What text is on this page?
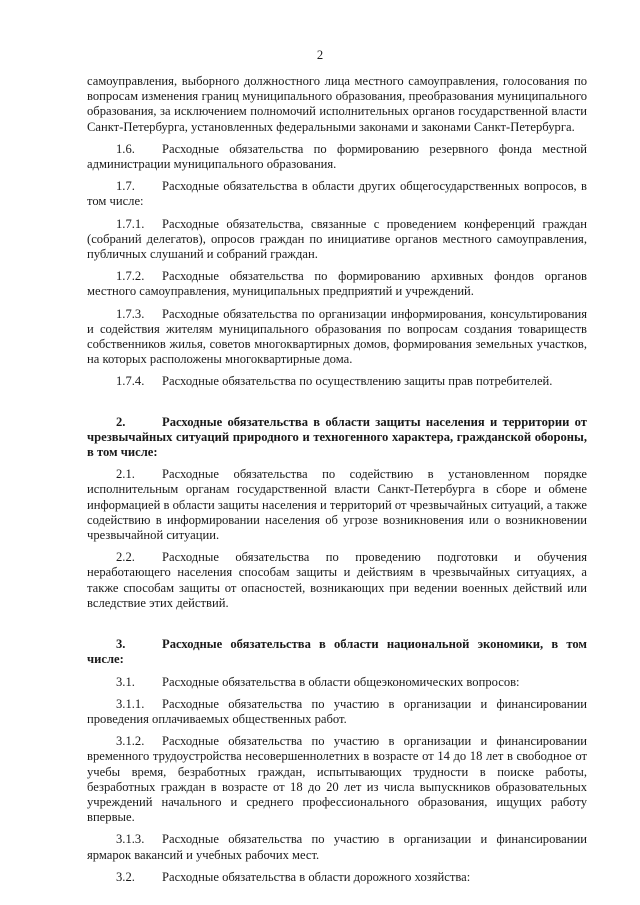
2

самоуправления, выборного должностного лица местного самоуправления, голосования по вопросам изменения границ муниципального образования, преобразования муниципального образования, за исключением полномочий исполнительных органов государственной власти Санкт-Петербурга, установленных федеральными законами и законами Санкт-Петербурга.

1.6. Расходные обязательства по формированию резервного фонда местной администрации муниципального образования.

1.7. Расходные обязательства в области других общегосударственных вопросов, в том числе:

1.7.1. Расходные обязательства, связанные с проведением конференций граждан (собраний делегатов), опросов граждан по инициативе органов местного самоуправления, публичных слушаний и собраний граждан.

1.7.2. Расходные обязательства по формированию архивных фондов органов местного самоуправления, муниципальных предприятий и учреждений.

1.7.3. Расходные обязательства по организации информирования, консультирования и содействия жителям муниципального образования по вопросам создания товариществ собственников жилья, советов многоквартирных домов, формирования земельных участков, на которых расположены многоквартирные дома.

1.7.4. Расходные обязательства по осуществлению защиты прав потребителей.

2.	Расходные обязательства в области защиты населения и территории от чрезвычайных ситуаций природного и техногенного характера, гражданской обороны, в том числе:

2.1. Расходные обязательства по содействию в установленном порядке исполнительным органам государственной власти Санкт-Петербурга в сборе и обмене информацией в области защиты населения и территорий от чрезвычайных ситуаций, а также содействию в информировании населения об угрозе возникновения или о возникновении чрезвычайной ситуации.

2.2. Расходные обязательства по проведению подготовки и обучения неработающего населения способам защиты и действиям в чрезвычайных ситуациях, а также способам защиты от опасностей, возникающих при ведении военных действий или вследствие этих действий.

3.	Расходные обязательства в области национальной экономики, в том числе:

3.1. Расходные обязательства в области общеэкономических вопросов:

3.1.1. Расходные обязательства по участию в организации и финансировании проведения оплачиваемых общественных работ.

3.1.2. Расходные обязательства по участию в организации и финансировании временного трудоустройства несовершеннолетних в возрасте от 14 до 18 лет в свободное от учебы время, безработных граждан, испытывающих трудности в поиске работы, безработных граждан в возрасте от 18 до 20 лет из числа выпускников образовательных учреждений начального и среднего профессионального образования, ищущих работу впервые.

3.1.3. Расходные обязательства по участию в организации и финансировании ярмарок вакансий и учебных рабочих мест.

3.2. Расходные обязательства в области дорожного хозяйства:
